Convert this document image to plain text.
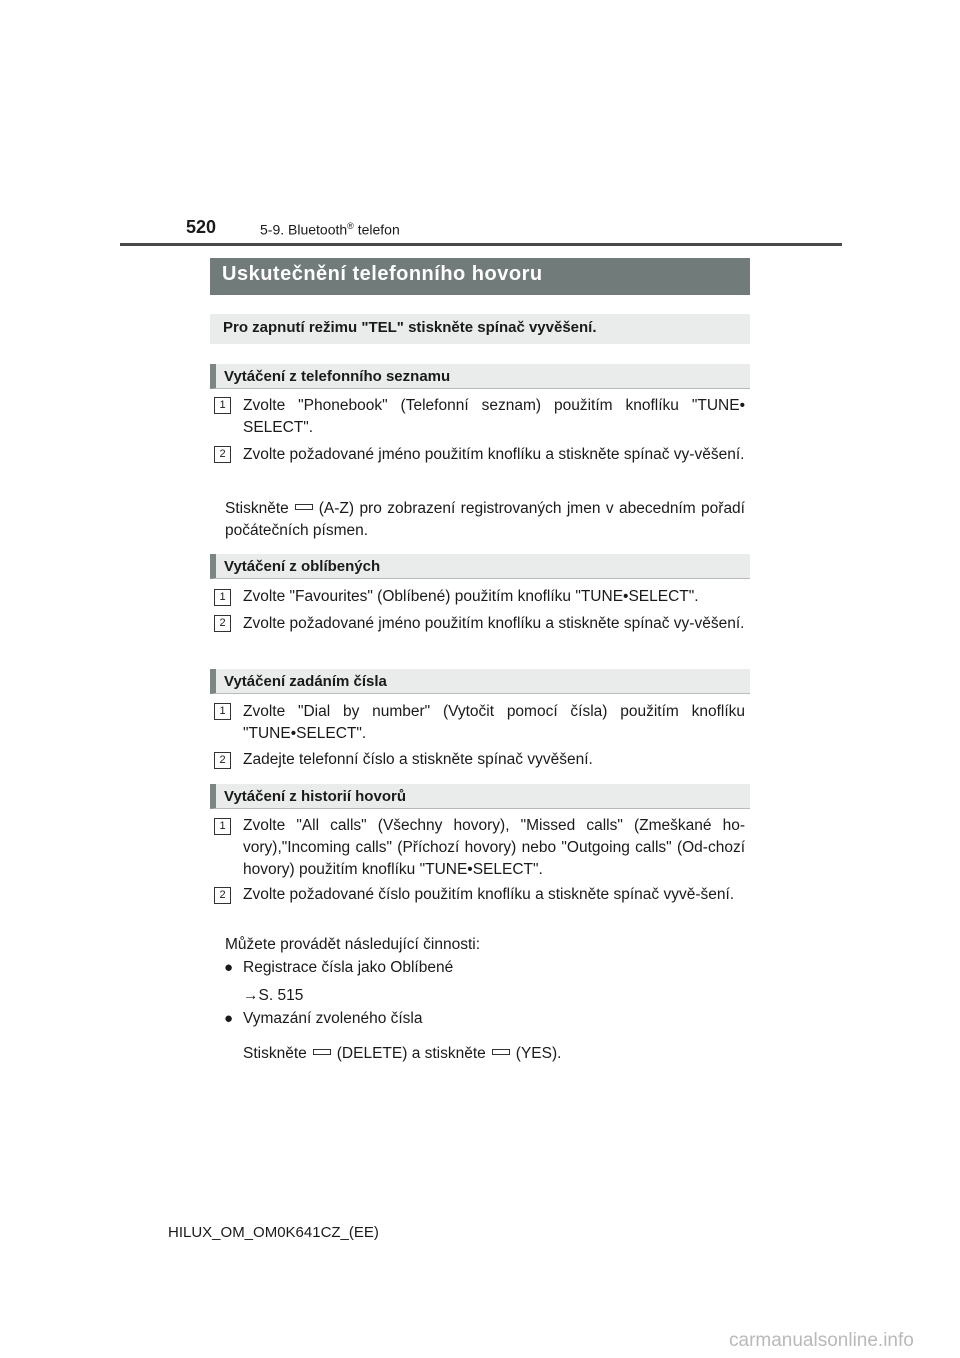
520	5-9. Bluetooth® telefon
Uskutečnění telefonního hovoru
Pro zapnutí režimu "TEL" stiskněte spínač vyvěšení.
Vytáčení z telefonního seznamu
1	Zvolte "Phonebook" (Telefonní seznam) použitím knoflíku "TUNE• SELECT".
2	Zvolte požadované jméno použitím knoflíku a stiskněte spínač vy-věšení.
Stiskněte (A-Z) pro zobrazení registrovaných jmen v abecedním pořadí počátečních písmen.
Vytáčení z oblíbených
1	Zvolte "Favourites" (Oblíbené) použitím knoflíku "TUNE•SELECT".
2	Zvolte požadované jméno použitím knoflíku a stiskněte spínač vy-věšení.
Vytáčení zadáním čísla
1	Zvolte "Dial by number" (Vytočit pomocí čísla) použitím knoflíku "TUNE•SELECT".
2	Zadejte telefonní číslo a stiskněte spínač vyvěšení.
Vytáčení z historií hovorů
1	Zvolte "All calls" (Všechny hovory), "Missed calls" (Zmeškané ho-vory),"Incoming calls" (Příchozí hovory) nebo "Outgoing calls" (Od-chozí hovory) použitím knoflíku "TUNE•SELECT".
2	Zvolte požadované číslo použitím knoflíku a stiskněte spínač vyvě-šení.
Můžete provádět následující činnosti:
● Registrace čísla jako Oblíbené
→S. 515
● Vymazání zvoleného čísla
Stiskněte (DELETE) a stiskněte (YES).
HILUX_OM_OM0K641CZ_(EE)
carmanualsonline.info
